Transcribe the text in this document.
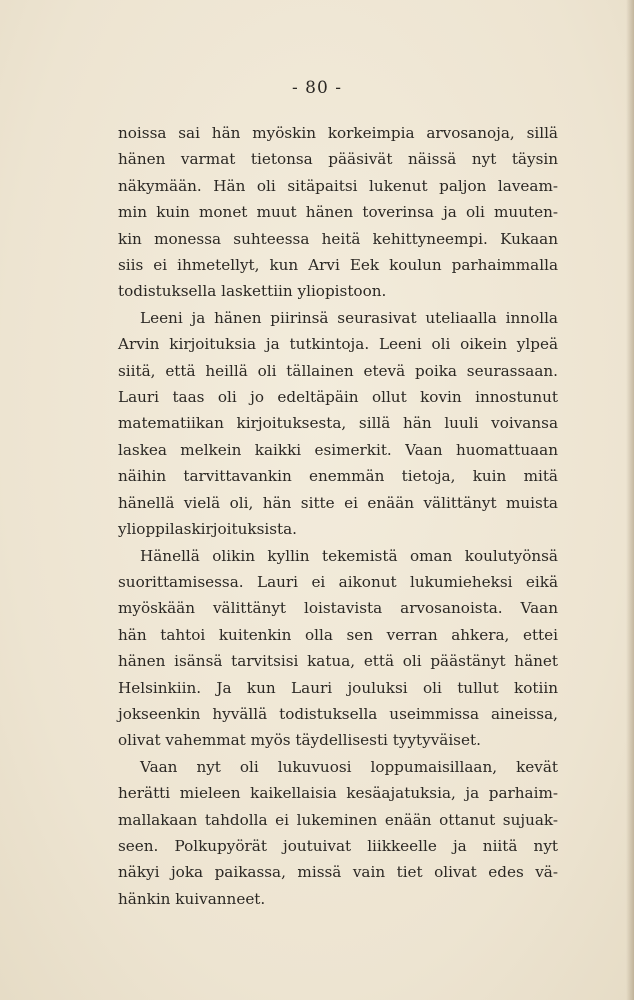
- 80 -
noissa sai hän myöskin korkeimpia arvosanoja, sillä
hänen varmat tietonsa pääsivät näissä nyt täysin
näkymään. Hän oli sitäpaitsi lukenut paljon laveam-
min kuin monet muut hänen toverinsa ja oli muuten-
kin monessa suhteessa heitä kehittyneempi. Kukaan
siis ei ihmetellyt, kun Arvi Eek koulun parhaimmalla
todistuksella laskettiin yliopistoon.
Leeni ja hänen piirinsä seurasivat uteliaalla innolla
Arvin kirjoituksia ja tutkintoja. Leeni oli oikein ylpeä
siitä, että heillä oli tällainen etevä poika seurassaan.
Lauri taas oli jo edeltäpäin ollut kovin innostunut
matematiikan kirjoituksesta, sillä hän luuli voivansa
laskea melkein kaikki esimerkit. Vaan huomattuaan
näihin tarvittavankin enemmän tietoja, kuin mitä
hänellä vielä oli, hän sitte ei enään välittänyt muista
ylioppilaskirjoituksista.
Hänellä olikin kyllin tekemistä oman koulutyönsä
suorittamisessa. Lauri ei aikonut lukumieheksi eikä
myöskään välittänyt loistavista arvosanoista. Vaan
hän tahtoi kuitenkin olla sen verran ahkera, ettei
hänen isänsä tarvitsisi katua, että oli päästänyt hänet
Helsinkiin. Ja kun Lauri jouluksi oli tullut kotiin
jokseenkin hyvällä todistuksella useimmissa aineissa,
olivat vahemmat myös täydellisesti tyytyväiset.
Vaan nyt oli lukuvuosi loppumaisillaan, kevät
herätti mieleen kaikellaisia kesäajatuksia, ja parhaim-
mallakaan tahdolla ei lukeminen enään ottanut sujuak-
seen. Polkupyörät joutuivat liikkeelle ja niitä nyt
näkyi joka paikassa, missä vain tiet olivat edes vä-
hänkin kuivanneet.
